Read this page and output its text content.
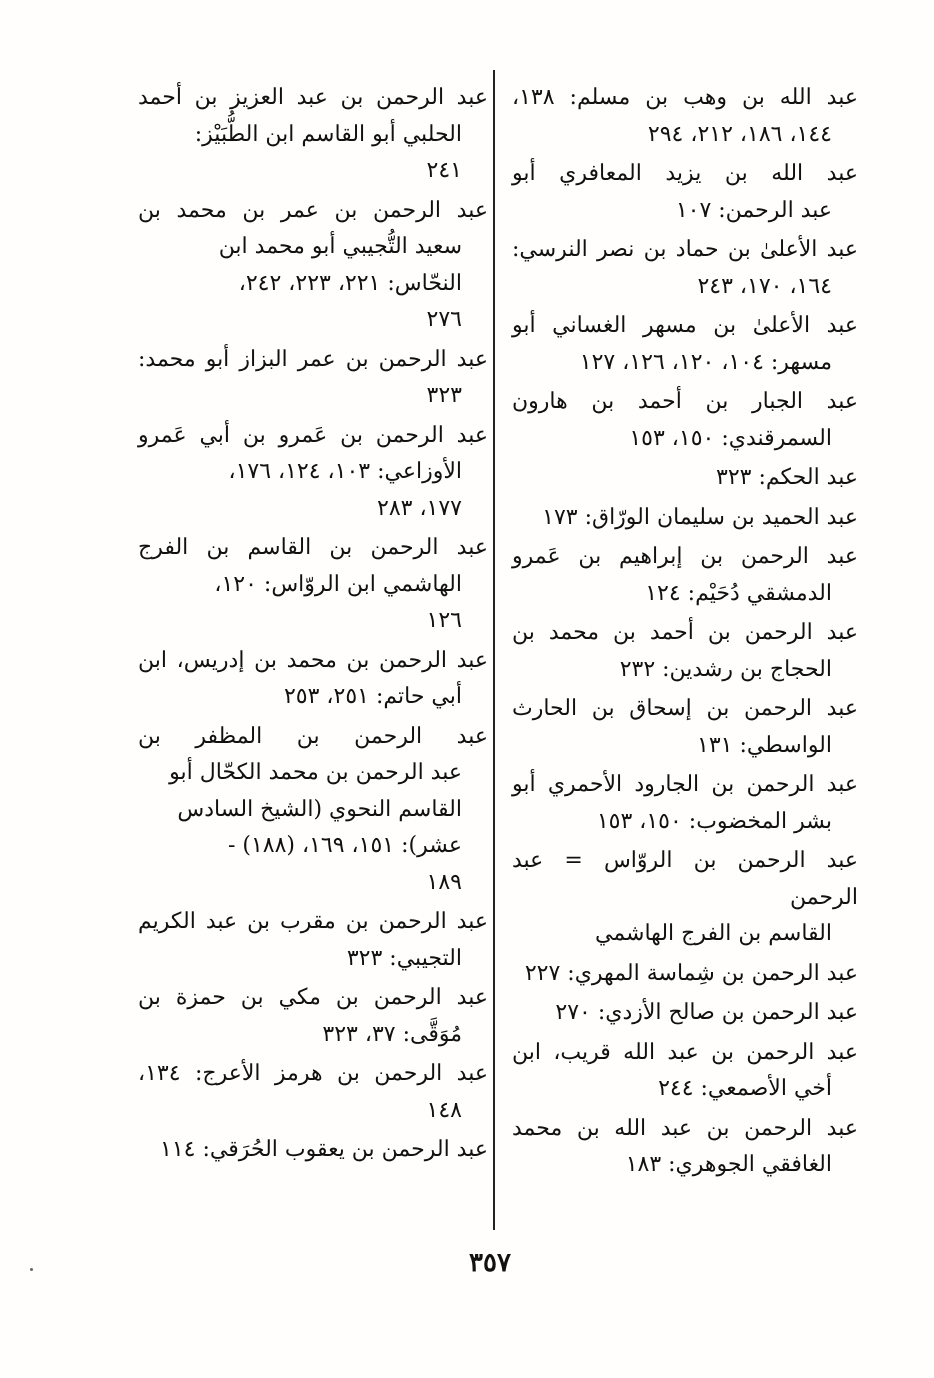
عبد الله بن وهب بن مسلم: ١٣٨،
١٤٤، ١٨٦، ٢١٢، ٢٩٤
عبد الله بن يزيد المعافري أبو
عبد الرحمن: ١٠٧
عبد الأعلىٰ بن حماد بن نصر النرسي:
١٦٤، ١٧٠، ٢٤٣
عبد الأعلىٰ بن مسهر الغساني أبو
مسهر: ١٠٤، ١٢٠، ١٢٦، ١٢٧
عبد الجبار بن أحمد بن هارون
السمرقندي: ١٥٠، ١٥٣
عبد الحكم: ٣٢٣
عبد الحميد بن سليمان الورّاق: ١٧٣
عبد الرحمن بن إبراهيم بن عَمرو
الدمشقي دُحَيْم: ١٢٤
عبد الرحمن بن أحمد بن محمد بن
الحجاج بن رشدين: ٢٣٢
عبد الرحمن بن إسحاق بن الحارث
الواسطي: ١٣١
عبد الرحمن بن الجارود الأحمري أبو
بشر المخضوب: ١٥٠، ١٥٣
عبد الرحمن بن الروّاس = عبد الرحمن
القاسم بن الفرج الهاشمي
عبد الرحمن بن شِماسة المهري: ٢٢٧
عبد الرحمن بن صالح الأزدي: ٢٧٠
عبد الرحمن بن عبد الله قريب، ابن
أخي الأصمعي: ٢٤٤
عبد الرحمن بن عبد الله بن محمد
الغافقي الجوهري: ١٨٣
عبد الرحمن بن عبد العزيز بن أحمد
الحلبي أبو القاسم ابن الطُّبَيْز:
٢٤١
عبد الرحمن بن عمر بن محمد بن
سعيد التُّجيبي أبو محمد ابن
النحّاس: ٢٢١، ٢٢٣، ٢٤٢،
٢٧٦
عبد الرحمن بن عمر البزاز أبو محمد:
٣٢٣
عبد الرحمن بن عَمرو بن أبي عَمرو
الأوزاعي: ١٠٣، ١٢٤، ١٧٦،
١٧٧، ٢٨٣
عبد الرحمن بن القاسم بن الفرج
الهاشمي ابن الروّاس: ١٢٠،
١٢٦
عبد الرحمن بن محمد بن إدريس، ابن
أبي حاتم: ٢٥١، ٢٥٣
عبد الرحمن بن المظفر بن
عبد الرحمن بن محمد الكحّال أبو
القاسم النحوي (الشيخ السادس
عشر): ١٥١، ١٦٩، (١٨٨) -
١٨٩
عبد الرحمن بن مقرب بن عبد الكريم
التجيبي: ٣٢٣
عبد الرحمن بن مكي بن حمزة بن
مُوَقَّى: ٣٧، ٣٢٣
عبد الرحمن بن هرمز الأعرج: ١٣٤،
١٤٨
عبد الرحمن بن يعقوب الحُرَقي: ١١٤
٣٥٧
